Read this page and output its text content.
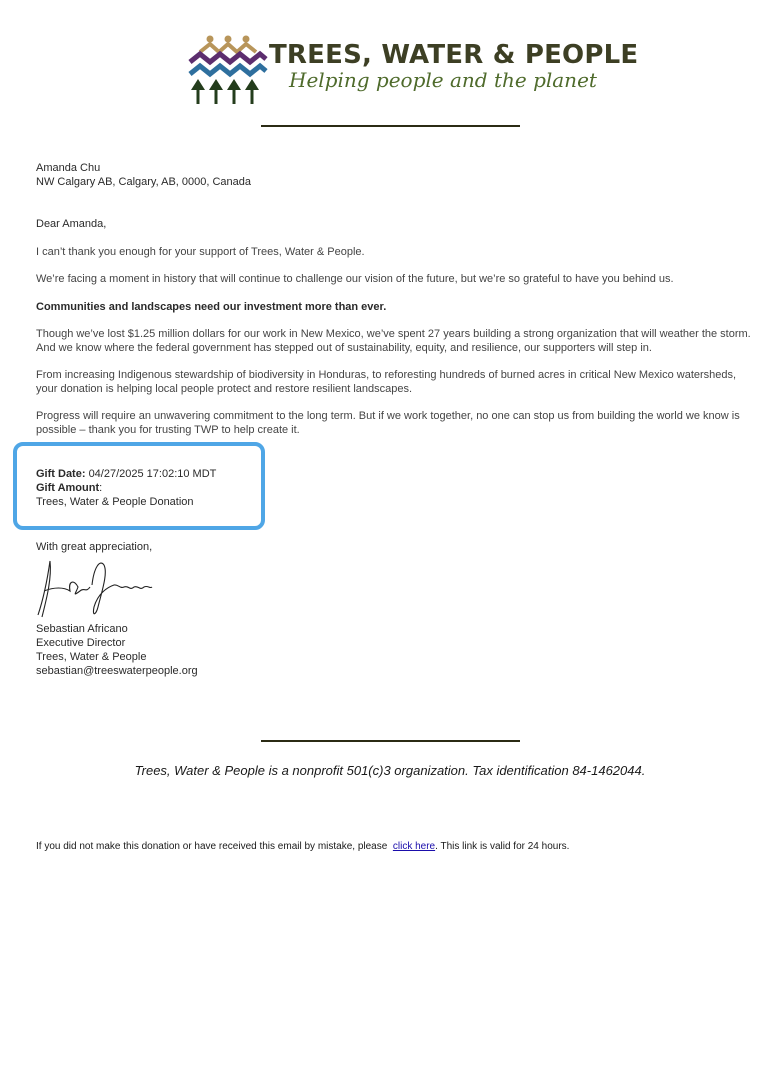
TREES, WATER & PEOPLE
Helping people and the planet
Amanda Chu
NW Calgary AB, Calgary, AB, 0000, Canada
Dear Amanda,
I can’t thank you enough for your support of Trees, Water & People.
We’re facing a moment in history that will continue to challenge our vision of the future, but we’re so grateful to have you behind us.
Communities and landscapes need our investment more than ever.
Though we’ve lost $1.25 million dollars for our work in New Mexico, we’ve spent 27 years building a strong organization that will weather the storm. And we know where the federal government has stepped out of sustainability, equity, and resilience, our supporters will step in.
From increasing Indigenous stewardship of biodiversity in Honduras, to reforesting hundreds of burned acres in critical New Mexico watersheds, your donation is helping local people protect and restore resilient landscapes.
Progress will require an unwavering commitment to the long term. But if we work together, no one can stop us from building the world we know is possible – thank you for trusting TWP to help create it.
Gift Date: 04/27/2025 17:02:10 MDT
Gift Amount:
Trees, Water & People Donation
With great appreciation,
Sebastian Africano
Executive Director
Trees, Water & People
sebastian@treeswaterpeople.org
Trees, Water & People is a nonprofit 501(c)3 organization. Tax identification 84-1462044.
If you did not make this donation or have received this email by mistake, please click here. This link is valid for 24 hours.
